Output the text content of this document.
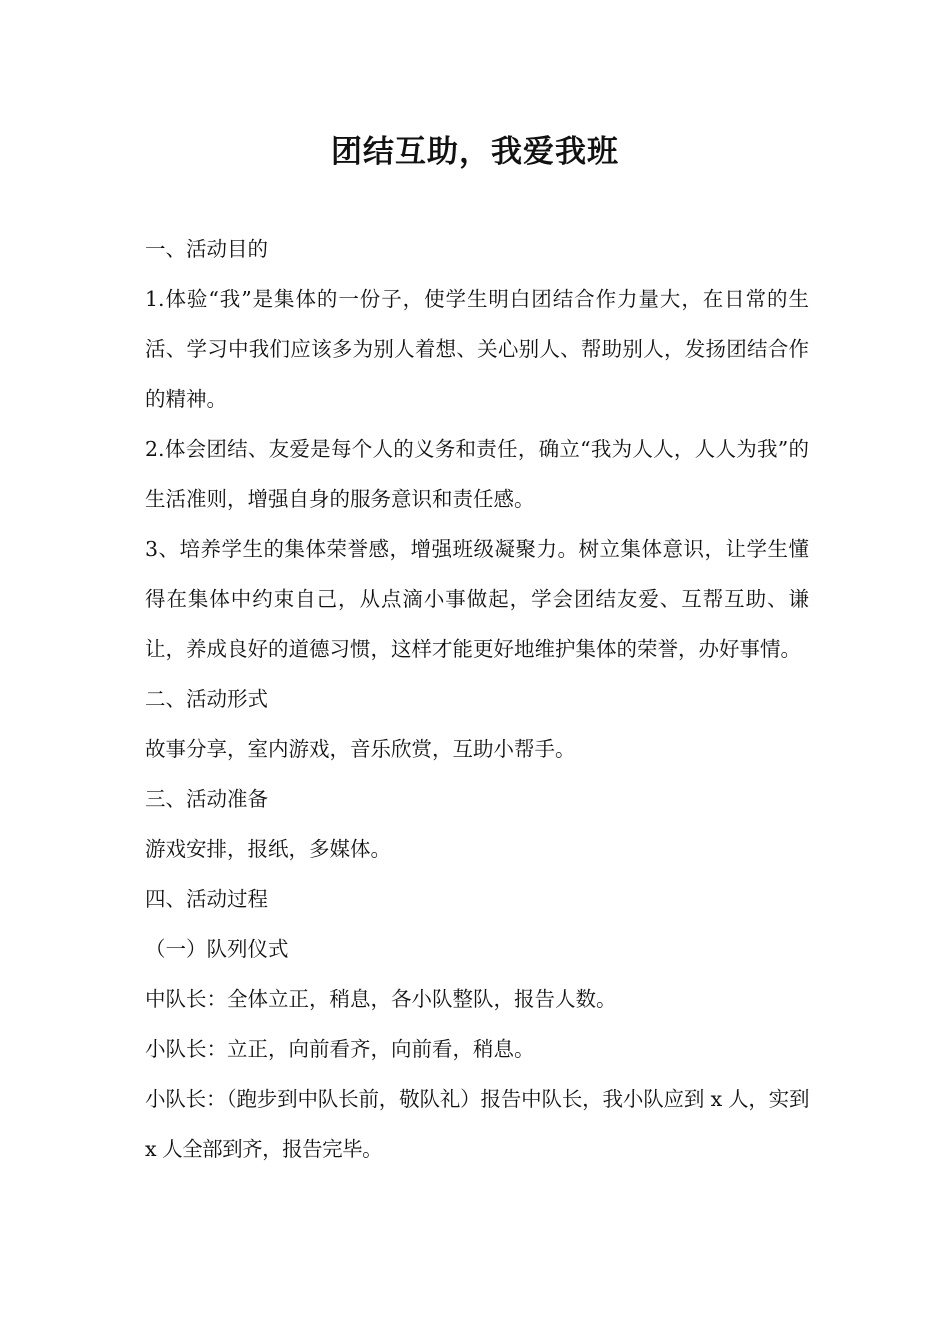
团结互助，我爱我班

一、活动目的

1.体验“我”是集体的一份子，使学生明白团结合作力量大，在日常的生活、学习中我们应该多为别人着想、关心别人、帮助别人，发扬团结合作的精神。

2.体会团结、友爱是每个人的义务和责任，确立“我为人人，人人为我”的生活准则，增强自身的服务意识和责任感。

3、培养学生的集体荣誉感，增强班级凝聚力。树立集体意识，让学生懂得在集体中约束自己，从点滴小事做起，学会团结友爱、互帮互助、谦让，养成良好的道德习惯，这样才能更好地维护集体的荣誉，办好事情。

二、活动形式

故事分享，室内游戏，音乐欣赏，互助小帮手。

三、活动准备

游戏安排，报纸，多媒体。

四、活动过程

（一）队列仪式

中队长：全体立正，稍息，各小队整队，报告人数。

小队长：立正，向前看齐，向前看，稍息。

小队长：（跑步到中队长前，敬队礼）报告中队长，我小队应到 x 人，实到 x 人全部到齐，报告完毕。
